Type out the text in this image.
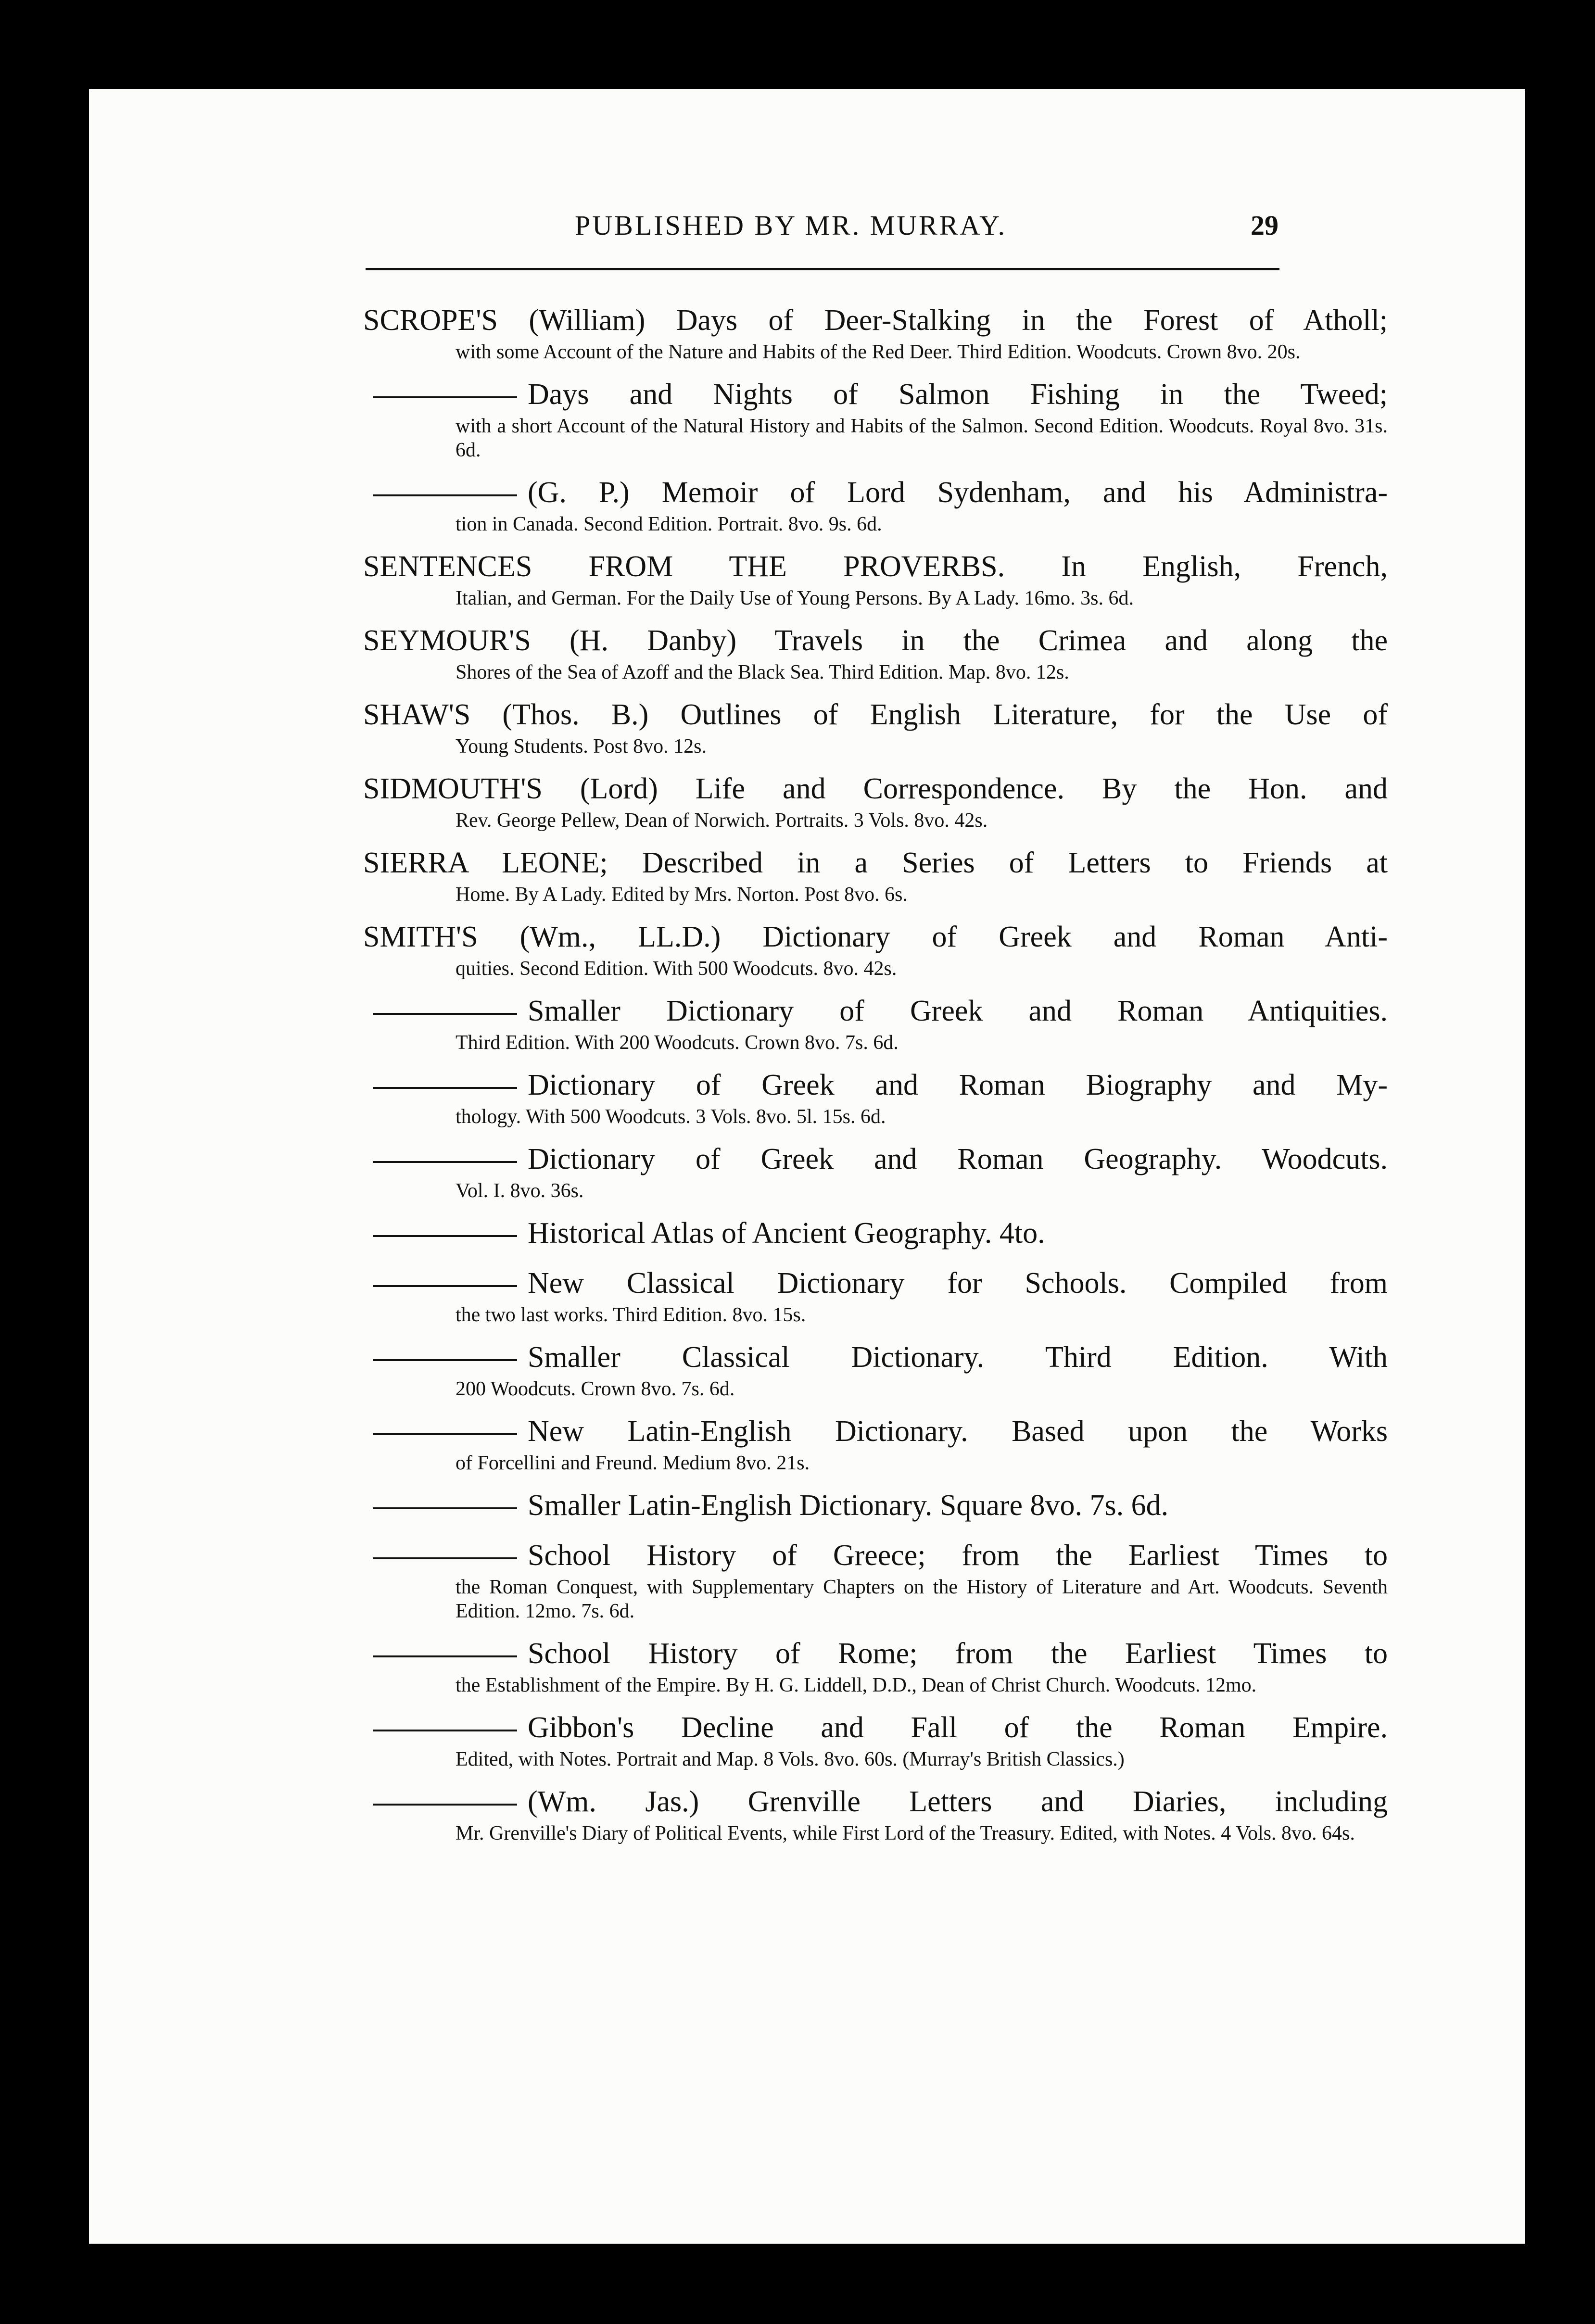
PUBLISHED BY MR. MURRAY.	29
SCROPE'S (William) Days of Deer-Stalking in the Forest of Atholl;
with some Account of the Nature and Habits of the Red Deer. Third Edition. Woodcuts. Crown 8vo. 20s.
Days and Nights of Salmon Fishing in the Tweed;
with a short Account of the Natural History and Habits of the Salmon. Second Edition. Woodcuts. Royal 8vo. 31s. 6d.
(G. P.) Memoir of Lord Sydenham, and his Administra-
tion in Canada. Second Edition. Portrait. 8vo. 9s. 6d.
SENTENCES FROM THE PROVERBS. In English, French,
Italian, and German. For the Daily Use of Young Persons. By A Lady. 16mo. 3s. 6d.
SEYMOUR'S (H. Danby) Travels in the Crimea and along the
Shores of the Sea of Azoff and the Black Sea. Third Edition. Map. 8vo. 12s.
SHAW'S (Thos. B.) Outlines of English Literature, for the Use of
Young Students. Post 8vo. 12s.
SIDMOUTH'S (Lord) Life and Correspondence. By the Hon. and
Rev. George Pellew, Dean of Norwich. Portraits. 3 Vols. 8vo. 42s.
SIERRA LEONE; Described in a Series of Letters to Friends at
Home. By A Lady. Edited by Mrs. Norton. Post 8vo. 6s.
SMITH'S (Wm., LL.D.) Dictionary of Greek and Roman Anti-
quities. Second Edition. With 500 Woodcuts. 8vo. 42s.
Smaller Dictionary of Greek and Roman Antiquities.
Third Edition. With 200 Woodcuts. Crown 8vo. 7s. 6d.
Dictionary of Greek and Roman Biography and My-
thology. With 500 Woodcuts. 3 Vols. 8vo. 5l. 15s. 6d.
Dictionary of Greek and Roman Geography. Woodcuts.
Vol. I. 8vo. 36s.
Historical Atlas of Ancient Geography. 4to.
New Classical Dictionary for Schools. Compiled from
the two last works. Third Edition. 8vo. 15s.
Smaller Classical Dictionary. Third Edition. With
200 Woodcuts. Crown 8vo. 7s. 6d.
New Latin-English Dictionary. Based upon the Works
of Forcellini and Freund. Medium 8vo. 21s.
Smaller Latin-English Dictionary. Square 8vo. 7s. 6d.
School History of Greece; from the Earliest Times to
the Roman Conquest, with Supplementary Chapters on the History of Literature and Art. Woodcuts. Seventh Edition. 12mo. 7s. 6d.
School History of Rome; from the Earliest Times to
the Establishment of the Empire. By H. G. Liddell, D.D., Dean of Christ Church. Woodcuts. 12mo.
Gibbon's Decline and Fall of the Roman Empire.
Edited, with Notes. Portrait and Map. 8 Vols. 8vo. 60s. (Murray's British Classics.)
(Wm. Jas.) Grenville Letters and Diaries, including
Mr. Grenville's Diary of Political Events, while First Lord of the Treasury. Edited, with Notes. 4 Vols. 8vo. 64s.
